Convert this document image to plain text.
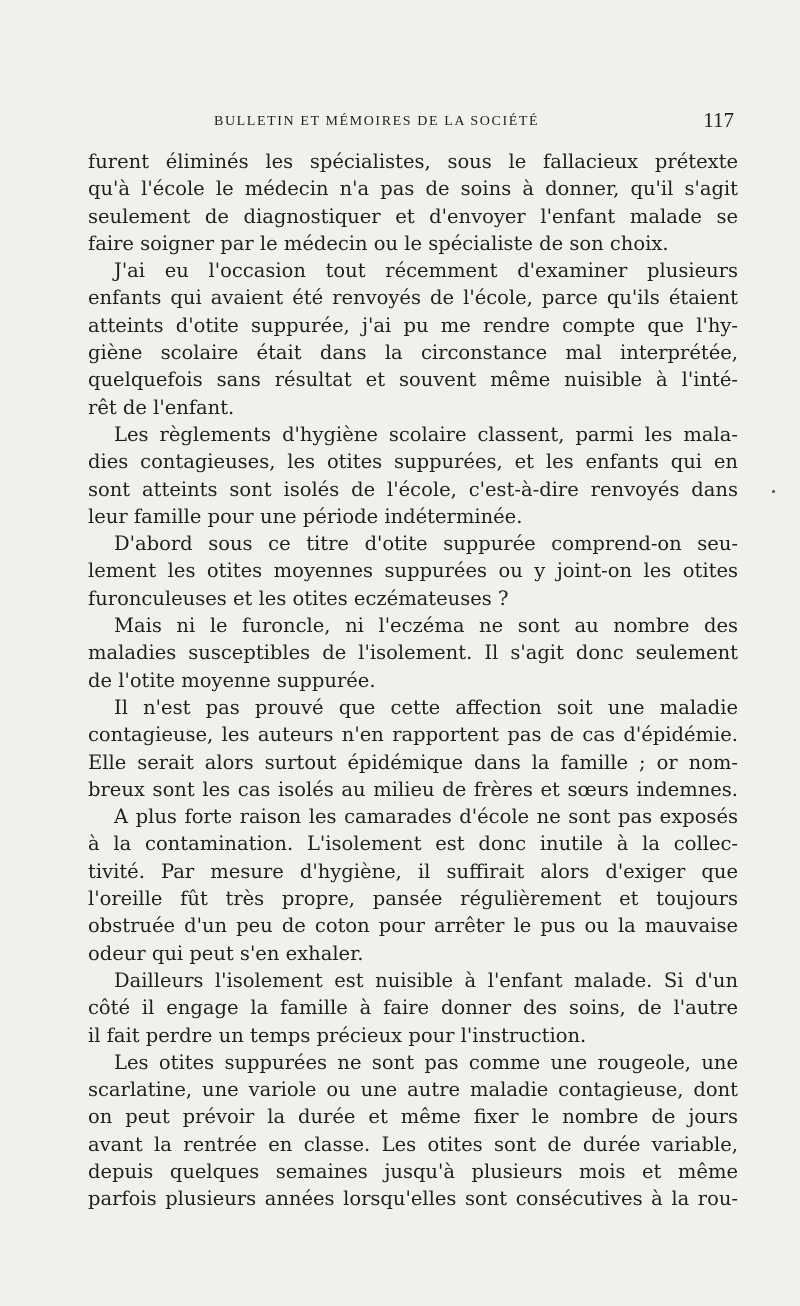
BULLETIN ET MÉMOIRES DE LA SOCIÉTÉ	117
furent éliminés les spécialistes, sous le fallacieux prétexte
qu'à l'école le médecin n'a pas de soins à donner, qu'il s'agit
seulement de diagnostiquer et d'envoyer l'enfant malade se
faire soigner par le médecin ou le spécialiste de son choix.
J'ai eu l'occasion tout récemment d'examiner plusieurs
enfants qui avaient été renvoyés de l'école, parce qu'ils étaient
atteints d'otite suppurée, j'ai pu me rendre compte que l'hy-
giène scolaire était dans la circonstance mal interprétée,
quelquefois sans résultat et souvent même nuisible à l'inté-
rêt de l'enfant.
Les règlements d'hygiène scolaire classent, parmi les mala-
dies contagieuses, les otites suppurées, et les enfants qui en
sont atteints sont isolés de l'école, c'est-à-dire renvoyés dans
leur famille pour une période indéterminée.
D'abord sous ce titre d'otite suppurée comprend-on seu-
lement les otites moyennes suppurées ou y joint-on les otites
furonculeuses et les otites eczémateuses ?
Mais ni le furoncle, ni l'eczéma ne sont au nombre des
maladies susceptibles de l'isolement. Il s'agit donc seulement
de l'otite moyenne suppurée.
Il n'est pas prouvé que cette affection soit une maladie
contagieuse, les auteurs n'en rapportent pas de cas d'épidémie.
Elle serait alors surtout épidémique dans la famille ; or nom-
breux sont les cas isolés au milieu de frères et sœurs indemnes.
A plus forte raison les camarades d'école ne sont pas exposés
à la contamination. L'isolement est donc inutile à la collec-
tivité. Par mesure d'hygiène, il suffirait alors d'exiger que
l'oreille fût très propre, pansée régulièrement et toujours
obstruée d'un peu de coton pour arrêter le pus ou la mauvaise
odeur qui peut s'en exhaler.
Dailleurs l'isolement est nuisible à l'enfant malade. Si d'un
côté il engage la famille à faire donner des soins, de l'autre
il fait perdre un temps précieux pour l'instruction.
Les otites suppurées ne sont pas comme une rougeole, une
scarlatine, une variole ou une autre maladie contagieuse, dont
on peut prévoir la durée et même fixer le nombre de jours
avant la rentrée en classe. Les otites sont de durée variable,
depuis quelques semaines jusqu'à plusieurs mois et même
parfois plusieurs années lorsqu'elles sont consécutives à la rou-
